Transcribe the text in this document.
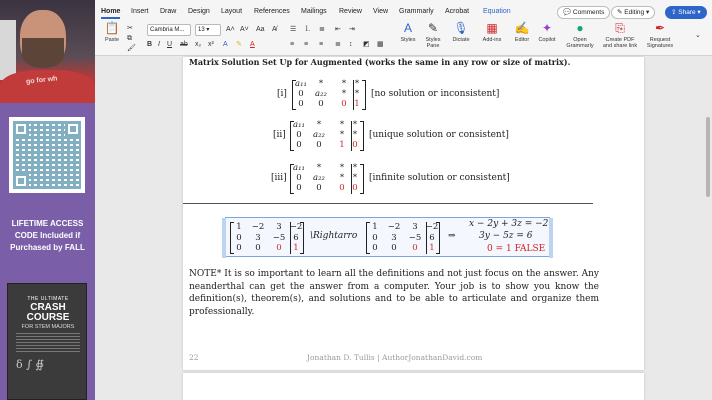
go for wh
LIFETIME ACCESS
CODE Included if
Purchased by FALL
THE ULTIMATE
CRASH COURSE
FOR STEM MAJORS
δ ∫ ∯
Home Insert Draw Design Layout References Mailings Review View Grammarly Acrobat Equation	💬 Comments	✎ Editing ▾	⇪ Share ▾
📋
Paste
✂
⧉
🖌
Cambria M...	13 ▾	A˄ A˅ Aa A̸
B I U ab x₂ x² A ✎ A
☰ ⒈ ≣ ⇤ ⇥
≡ ≡ ≡ ≣ ↕ ◩ ▦
A
Styles
✎
Styles Pane
🎙
Dictate
▦
Add-ins
✍
Editor
✦
Copilot
●
Open Grammarly
⎘
Create PDF and share link
✒
Request Signatures
⌄
Matrix Solution Set Up for Augmented (works the same in any row or size of matrix).
[i]
a₁₁	*	*	*
0	a₂₂	*	*
0	0	0 1
[no solution or inconsistent]
[ii]
a₁₁	*	*	*
0	a₂₂	*	*
0	0	1 0
[unique solution or consistent]
[iii]
a₁₁	*	*	*
0	a₂₂	*	*
0	0	0 0
[infinite solution or consistent]
1	−2	3 −2
0	3	−5 6
0	0	0	1
\Rightarro
1	−2	3 −2
0	3	−5 6
0	0	0	1
⇒
x − 2y + 3z = −2
3y − 5z = 6
0 = 1 FALSE
NOTE* It is so important to learn all the definitions and not just focus on the answer. Any neanderthal can get the answer from a computer. Your job is to show you know the definition(s), theorem(s), and solutions and to be able to articulate and organize them professionally.
22	Jonathan D. Tullis | AuthorJonathanDavid.com
